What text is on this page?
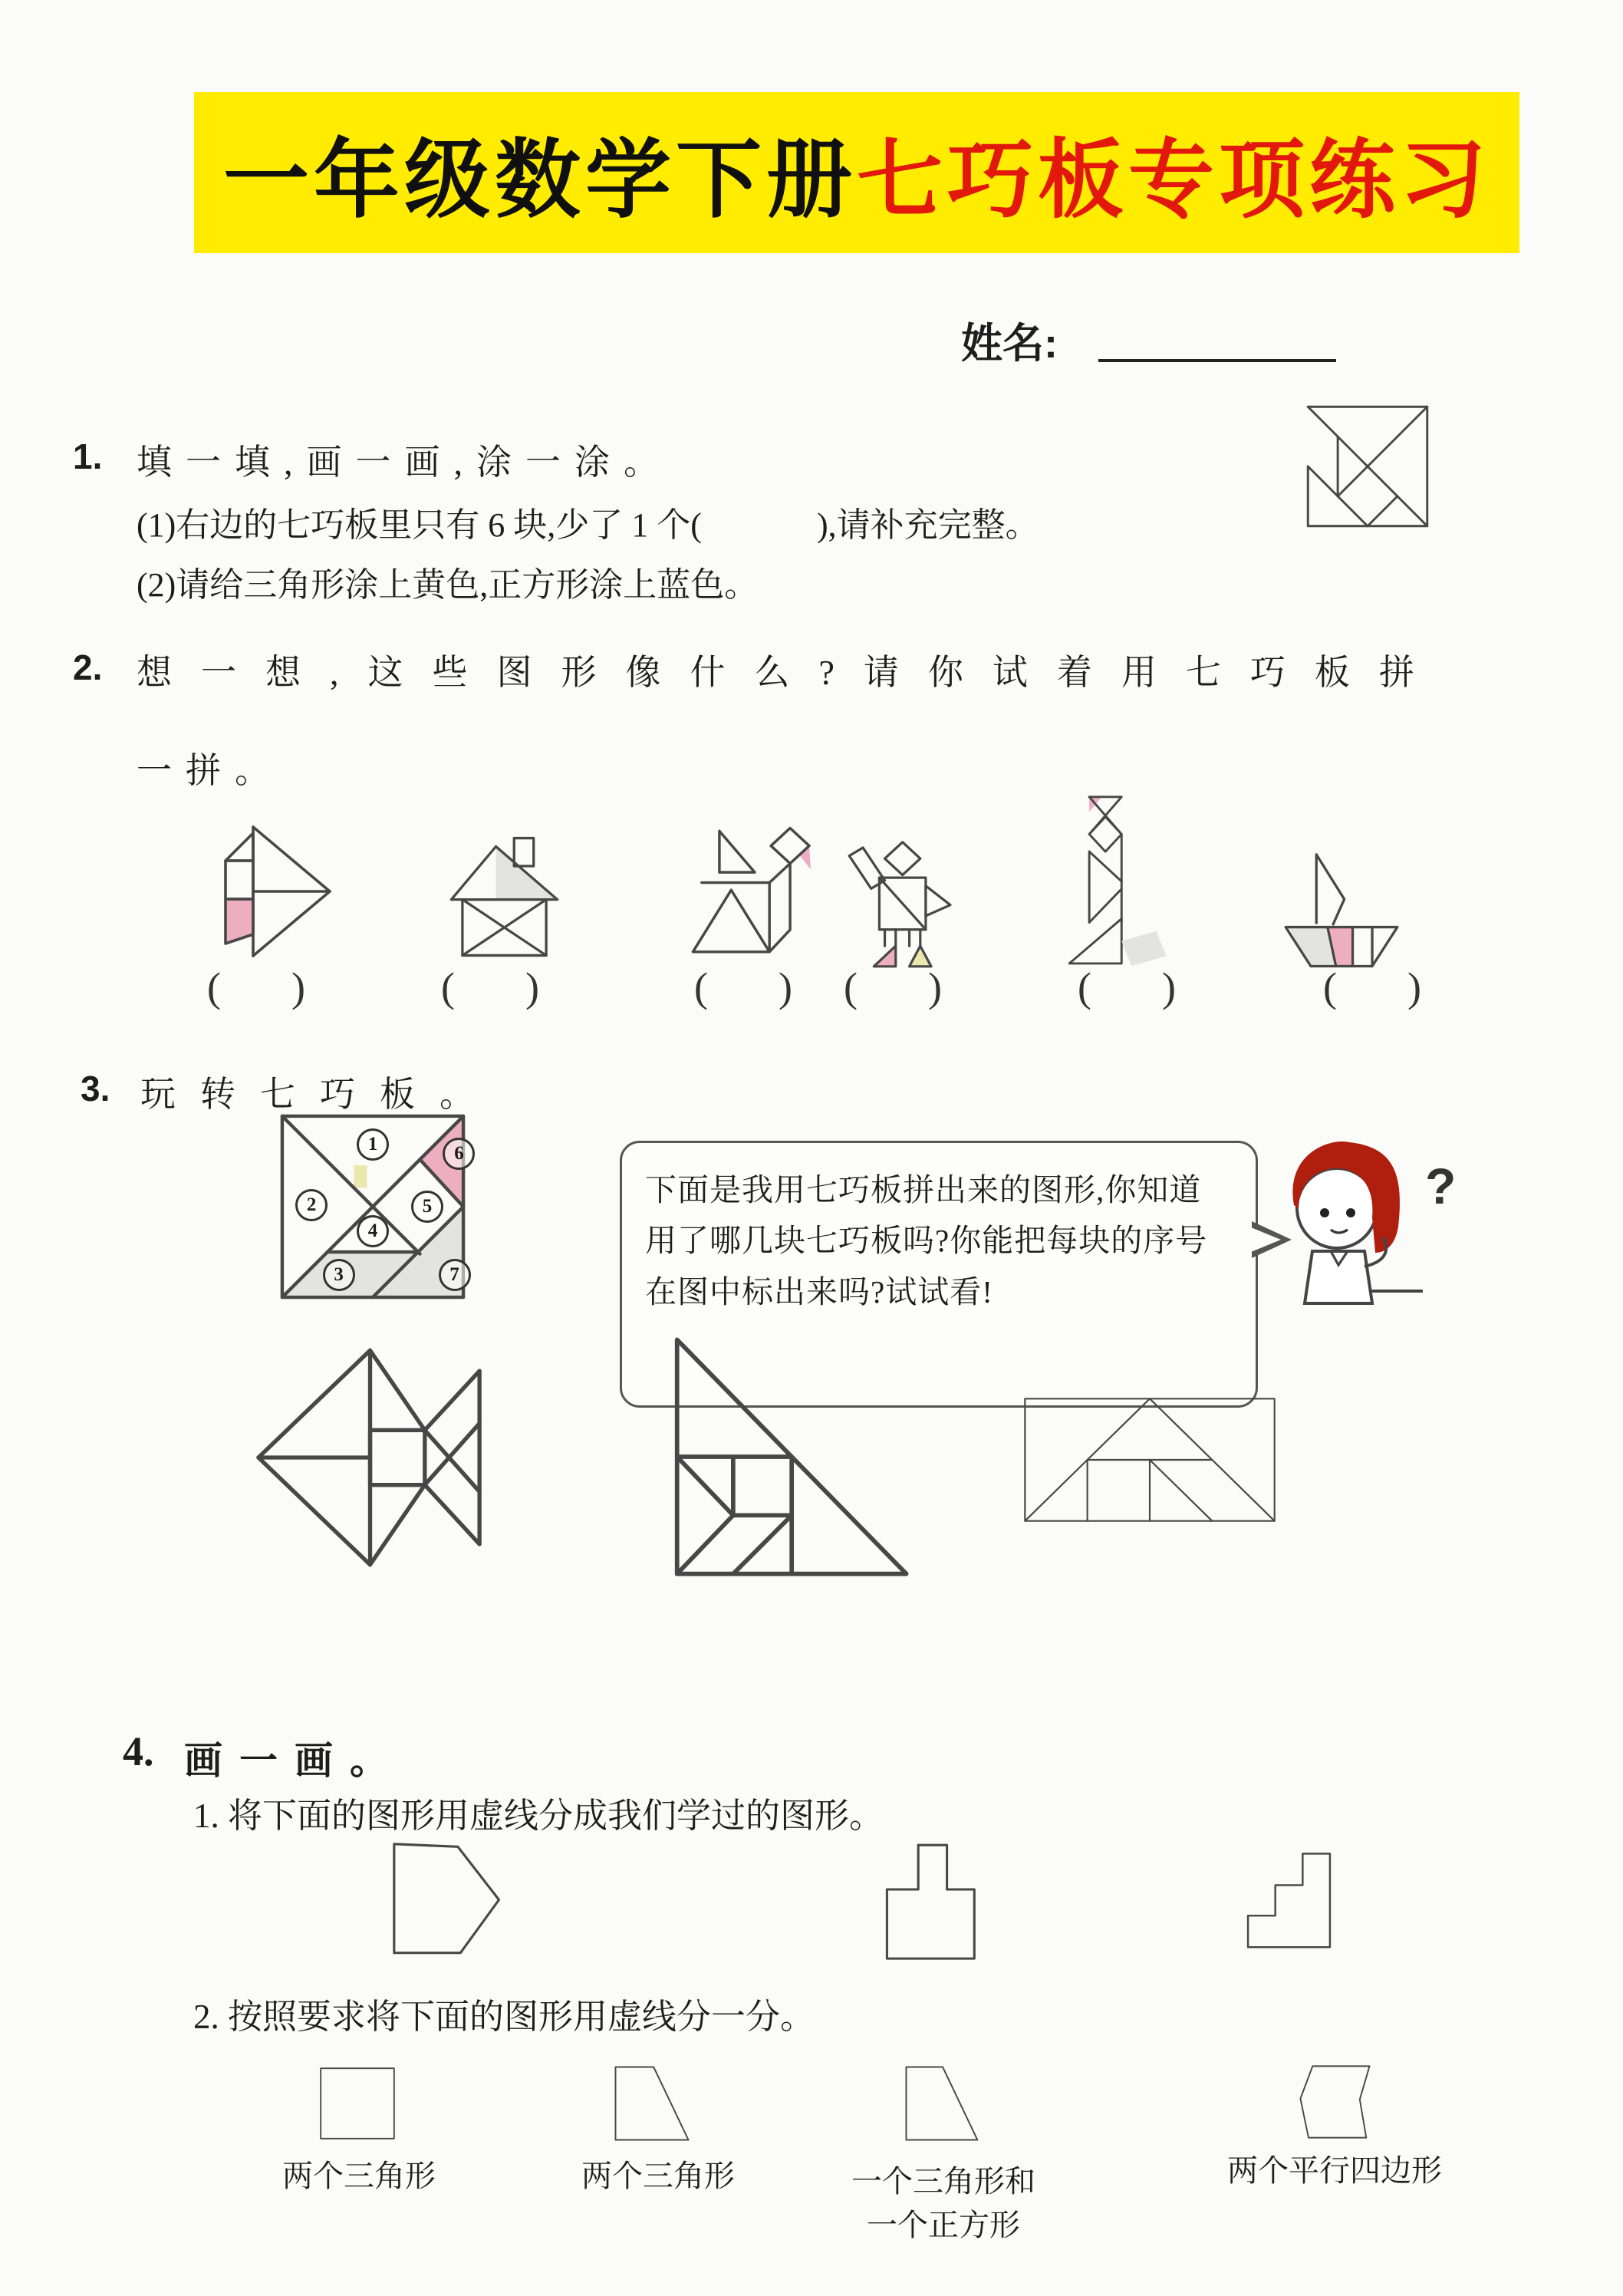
一年级数学下册 七巧板专项练习
姓名:
1. 填一填,画一画,涂一涂。
(1)右边的七巧板里只有 6 块,少了 1 个(	),请补充完整。
(2)请给三角形涂上黄色,正方形涂上蓝色。
2. 想一想,这些图形像什么?请你试着用七巧板拼
一拼。
( )	( )	( ) ( )	( )	( )
3. 玩转七巧板。
1
2
3
4
5
6
7
下面是我用七巧板拼出来的图形,你知道用了哪几块七巧板吗?你能把每块的序号在图中标出来吗?试试看!
?
4. 画一画。
1. 将下面的图形用虚线分成我们学过的图形。
2. 按照要求将下面的图形用虚线分一分。
两个三角形	两个三角形	一个三角形和
一个正方形
两个平行四边形
